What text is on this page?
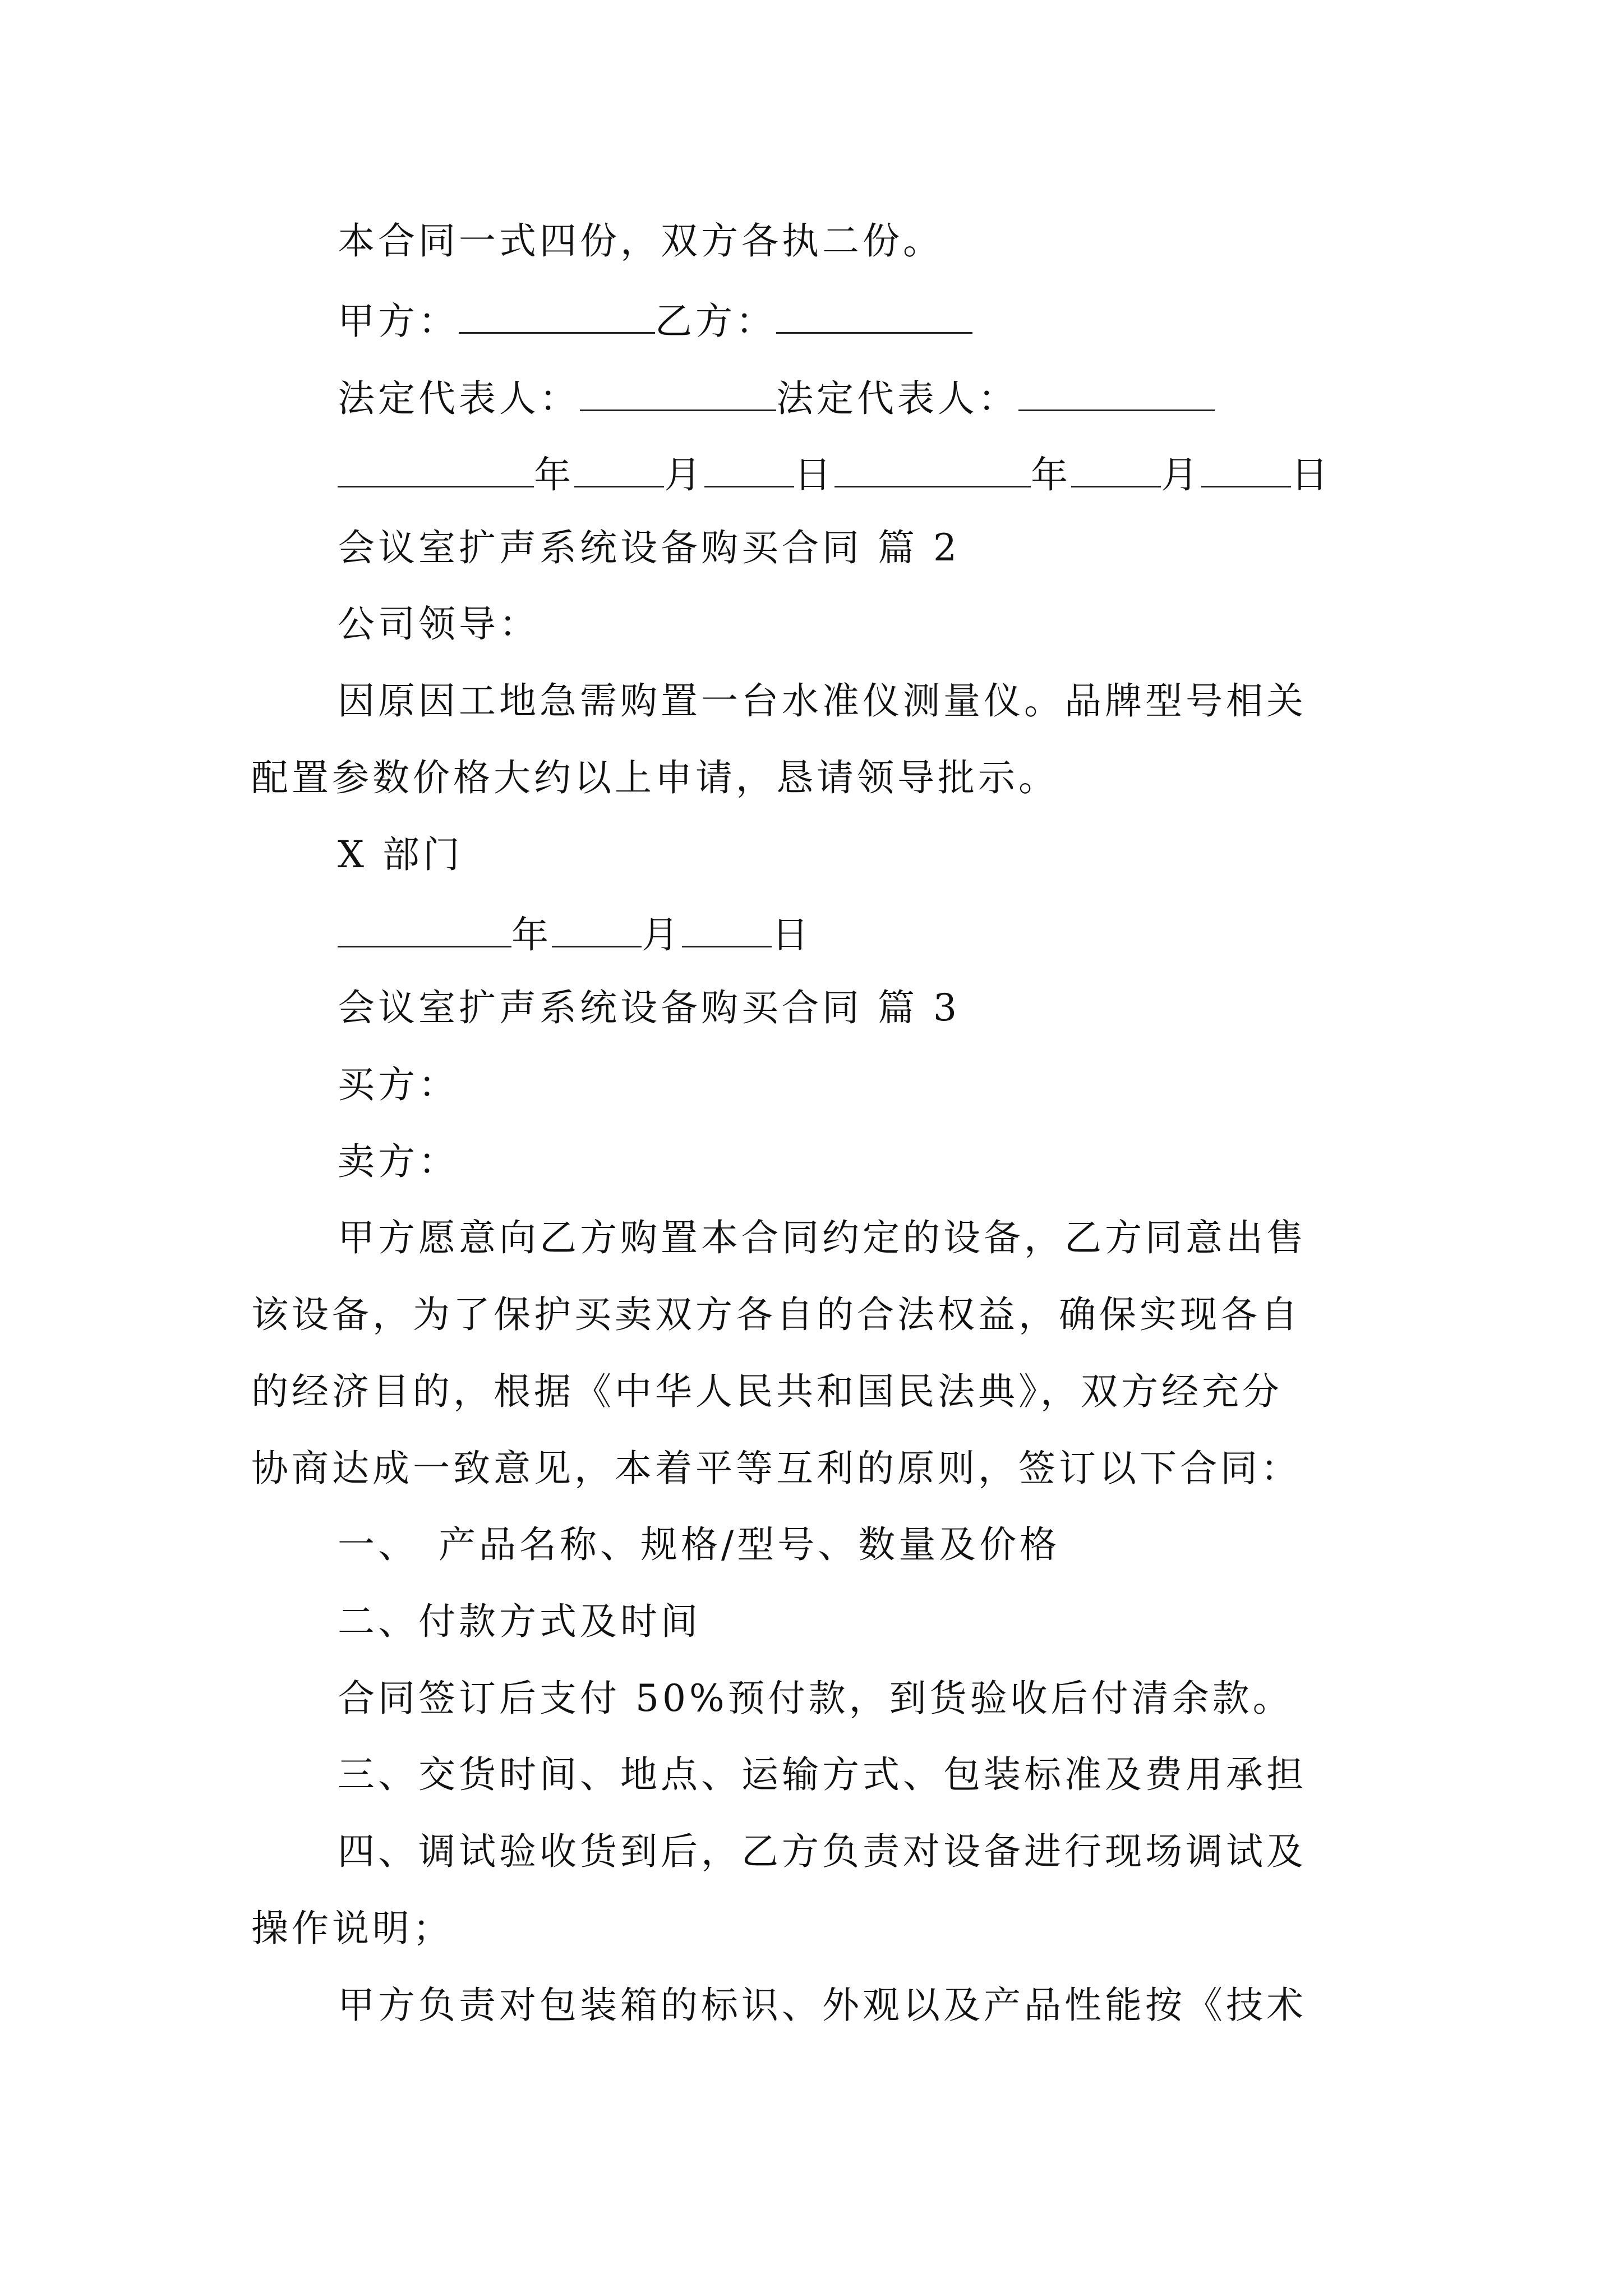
本合同一式四份，双方各执二份。

甲方：	乙方：

法定代表人：	法定代表人：

年 月 日	年 月 日

会议室扩声系统设备购买合同 篇 2

公司领导：

因原因工地急需购置一台水准仪测量仪。品牌型号相关

配置参数价格大约以上申请，恳请领导批示。

X 部门

年 月 日

会议室扩声系统设备购买合同 篇 3

买方：

卖方：

甲方愿意向乙方购置本合同约定的设备，乙方同意出售

该设备，为了保护买卖双方各自的合法权益，确保实现各自

的经济目的，根据《中华人民共和国民法典》，双方经充分

协商达成一致意见，本着平等互利的原则，签订以下合同：

一、 产品名称、规格/型号、数量及价格

二、付款方式及时间

合同签订后支付 50%预付款，到货验收后付清余款。

三、交货时间、地点、运输方式、包装标准及费用承担

四、调试验收货到后，乙方负责对设备进行现场调试及

操作说明；

甲方负责对包装箱的标识、外观以及产品性能按《技术
